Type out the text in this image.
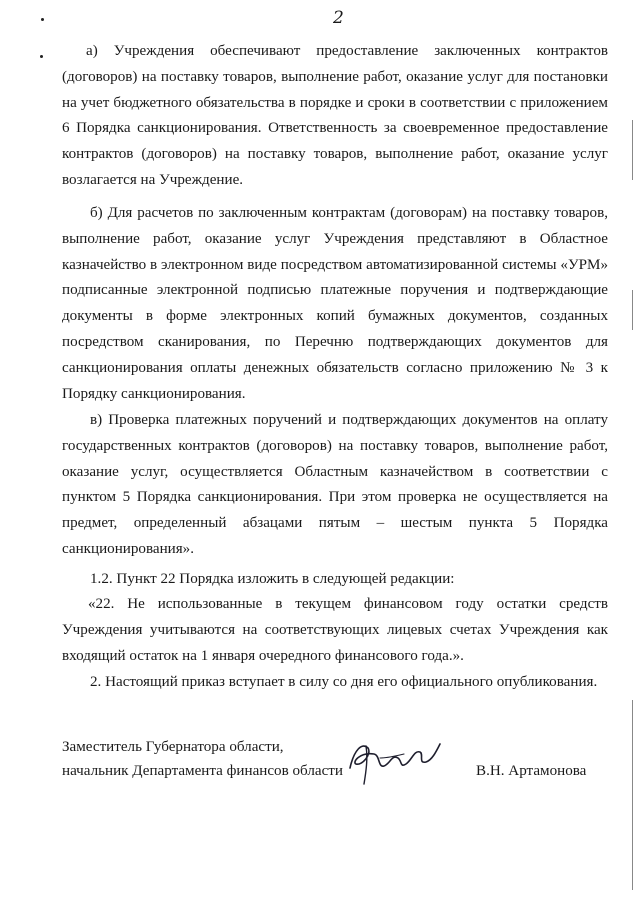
2

а) Учреждения обеспечивают предоставление заключенных контрактов (договоров) на поставку товаров, выполнение работ, оказание услуг для постановки на учет бюджетного обязательства в порядке и сроки в соответствии с приложением 6 Порядка санкционирования. Ответственность за своевременное предоставление контрактов (договоров) на поставку товаров, выполнение работ, оказание услуг возлагается на Учреждение.

б) Для расчетов по заключенным контрактам (договорам) на поставку товаров, выполнение работ, оказание услуг Учреждения представляют в Областное казначейство в электронном виде посредством автоматизированной системы «УРМ» подписанные электронной подписью платежные поручения и подтверждающие документы в форме электронных копий бумажных документов, созданных посредством сканирования, по Перечню подтверждающих документов для санкционирования оплаты денежных обязательств согласно приложению № 3 к Порядку санкционирования.

в) Проверка платежных поручений и подтверждающих документов на оплату государственных контрактов (договоров) на поставку товаров, выполнение работ, оказание услуг, осуществляется Областным казначейством в соответствии с пунктом 5 Порядка санкционирования. При этом проверка не осуществляется на предмет, определенный абзацами пятым – шестым пункта 5 Порядка санкционирования».

1.2. Пункт 22 Порядка изложить в следующей редакции:

«22. Не использованные в текущем финансовом году остатки средств Учреждения учитываются на соответствующих лицевых счетах Учреждения как входящий остаток на 1 января очередного финансового года.».

2. Настоящий приказ вступает в силу со дня его официального опубликования.

Заместитель Губернатора области,
начальник Департамента финансов области	В.Н. Артамонова
